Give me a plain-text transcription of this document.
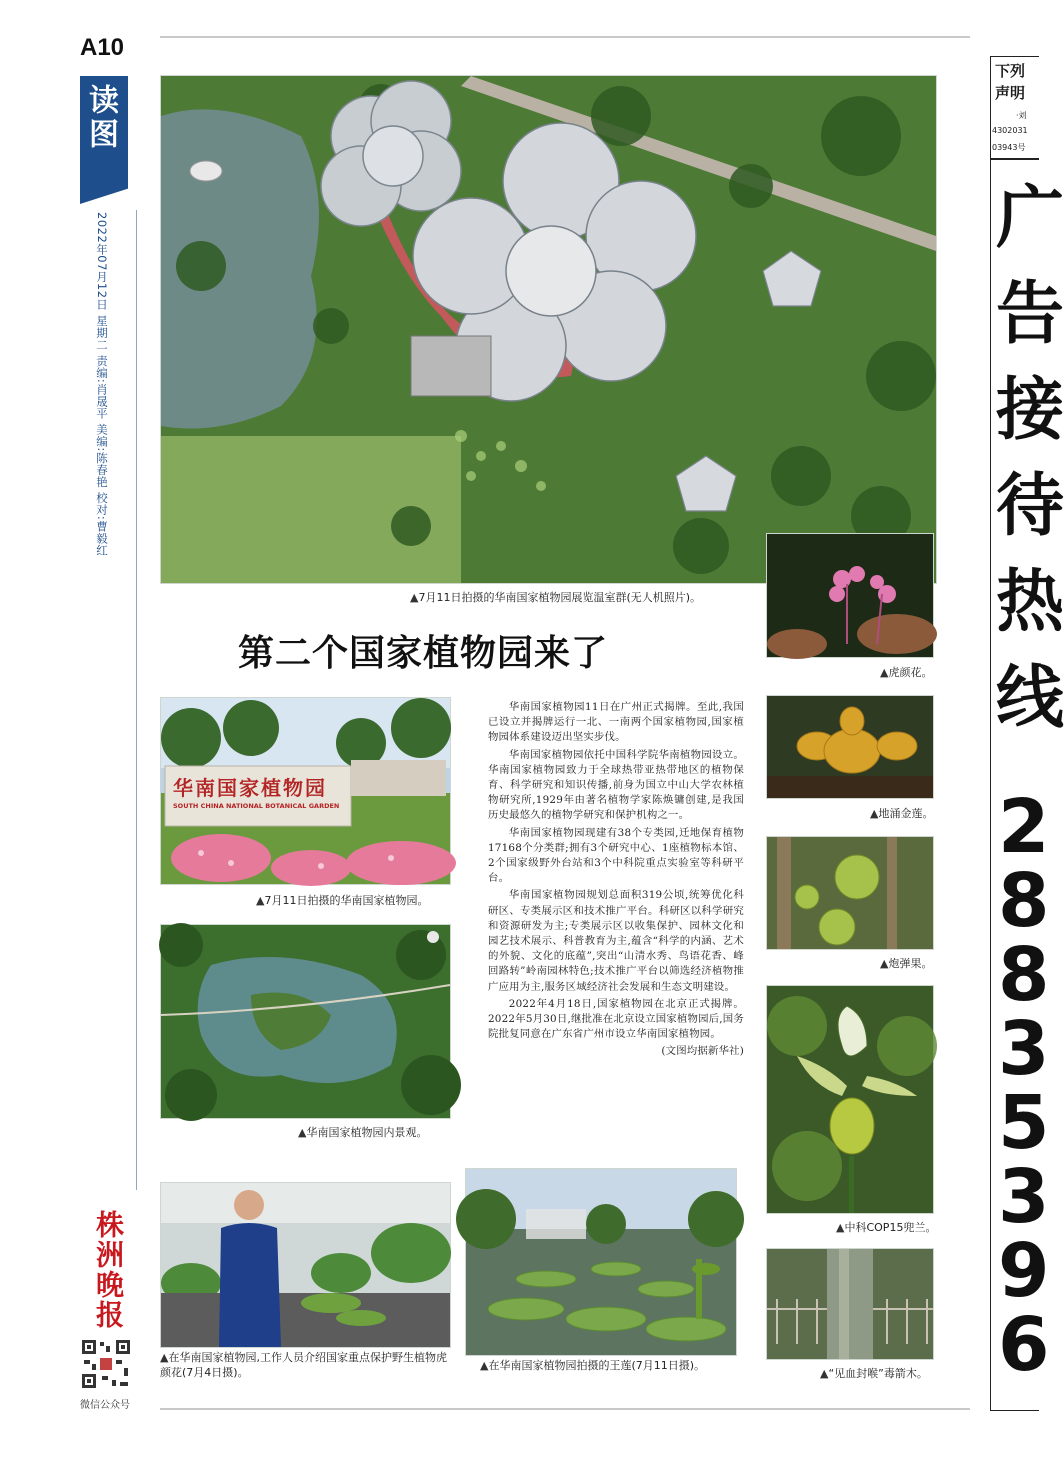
A10
读图
2022年07月12日 星期二 责编:肖晟平 美编:陈春艳 校对:曹毅红
株洲晚报
微信公众号
▲7月11日拍摄的华南国家植物园展览温室群(无人机照片)。
第二个国家植物园来了
华南国家植物园
SOUTH CHINA NATIONAL BOTANICAL GARDEN
▲7月11日拍摄的华南国家植物园。
▲华南国家植物园内景观。

华南国家植物园11日在广州正式揭牌。至此,我国已设立并揭牌运行一北、一南两个国家植物园,国家植物园体系建设迈出坚实步伐。

华南国家植物园依托中国科学院华南植物园设立。华南国家植物园致力于全球热带亚热带地区的植物保育、科学研究和知识传播,前身为国立中山大学农林植物研究所,1929年由著名植物学家陈焕镛创建,是我国历史最悠久的植物学研究和保护机构之一。

华南国家植物园现建有38个专类园,迁地保育植物17168个分类群;拥有3个研究中心、1座植物标本馆、2个国家级野外台站和3个中科院重点实验室等科研平台。

华南国家植物园规划总面积319公顷,统筹优化科研区、专类展示区和技术推广平台。科研区以科学研究和资源研发为主;专类展示区以收集保护、园林文化和园艺技术展示、科普教育为主,蕴含“科学的内涵、艺术的外貌、文化的底蕴”,突出“山清水秀、鸟语花香、峰回路转”岭南园林特色;技术推广平台以筛选经济植物推广应用为主,服务区域经济社会发展和生态文明建设。

2022年4月18日,国家植物园在北京正式揭牌。2022年5月30日,继批准在北京设立国家植物园后,国务院批复同意在广东省广州市设立华南国家植物园。

(文图均据新华社)
▲在华南国家植物园,工作人员介绍国家重点保护野生植物虎颜花(7月4日摄)。
▲在华南国家植物园拍摄的王莲(7月11日摄)。
▲虎颜花。
▲地涌金莲。
▲炮弹果。
▲中科COP15兜兰。
▲“见血封喉”毒箭木。
下列
声明
·刘
4302031
03943号
广
告
接
待
热
线
2
8
8
3
5
3
9
6
